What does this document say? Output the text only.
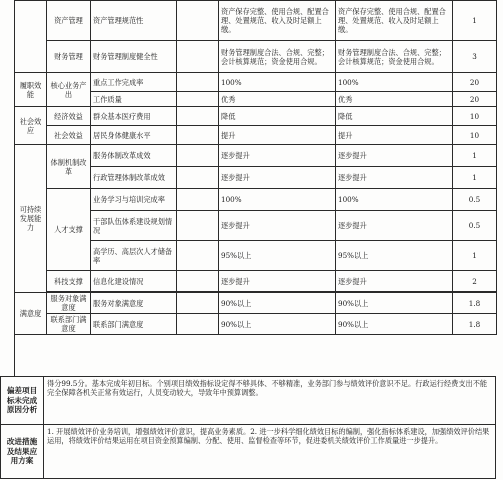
	资产管理	资产管理规范性		资产保存完整、使用合规、配置合理、处置规范、收入及时足额上缴。	资产保存完整、使用合规、配置合理、处置规范、收入及时足额上缴。	1
	财务管理	财务管理制度健全性		财务管理制度合法、合规、完整；会计核算规范；资金使用合规。	财务管理制度合法、合规、完整；会计核算规范；资金使用合规。	3
履职效能	核心业务产出	重点工作完成率		100%	100%	20
		工作质量		优秀	优秀	20
社会效应	经济效益	群众基本医疗费用		降低	降低	10
	社会效益	居民身体健康水平		提升	提升	10
可持续发展能力	体制机制改革	服务体制改革成效		逐步提升	逐步提升	1
		行政管理体制改革成效		逐步提升	逐步提升	1
	人才支撑	业务学习与培训完成率		100%	100%	0.5
		干部队伍体系建设规划情况		逐步提升	逐步提升	0.5
		高学历、高层次人才储备率		95%以上	95%以上	1
	科技支撑	信息化建设情况		逐步提升	逐步提升	2

满意度	服务对象满意度	服务对象满意度		90%以上	90%以上	1.8
	联系部门满意度	联系部门满意度		90%以上	90%以上	1.8
偏差项目
标未完成
原因分析	得分99.5分。基本完成年初目标。个别项目绩效指标设定得不够具体、不够精准，业务部门参与绩效评价意识不足。行政运行经费支出不能完全保障各机关正常有效运行，人员变动较大，导致年中预算调整。

改进措施
及结果应
用方案	1. 开展绩效评价业务培训，增强绩效评价意识，提高业务素质。2. 进一步科学细化绩效目标的编制，强化指标体系建设，加强绩效评价结果运用，将绩效评价结果运用在项目资金预算编制、分配、使用、监督检查等环节，促进委机关绩效评价工作质量进一步提升。
